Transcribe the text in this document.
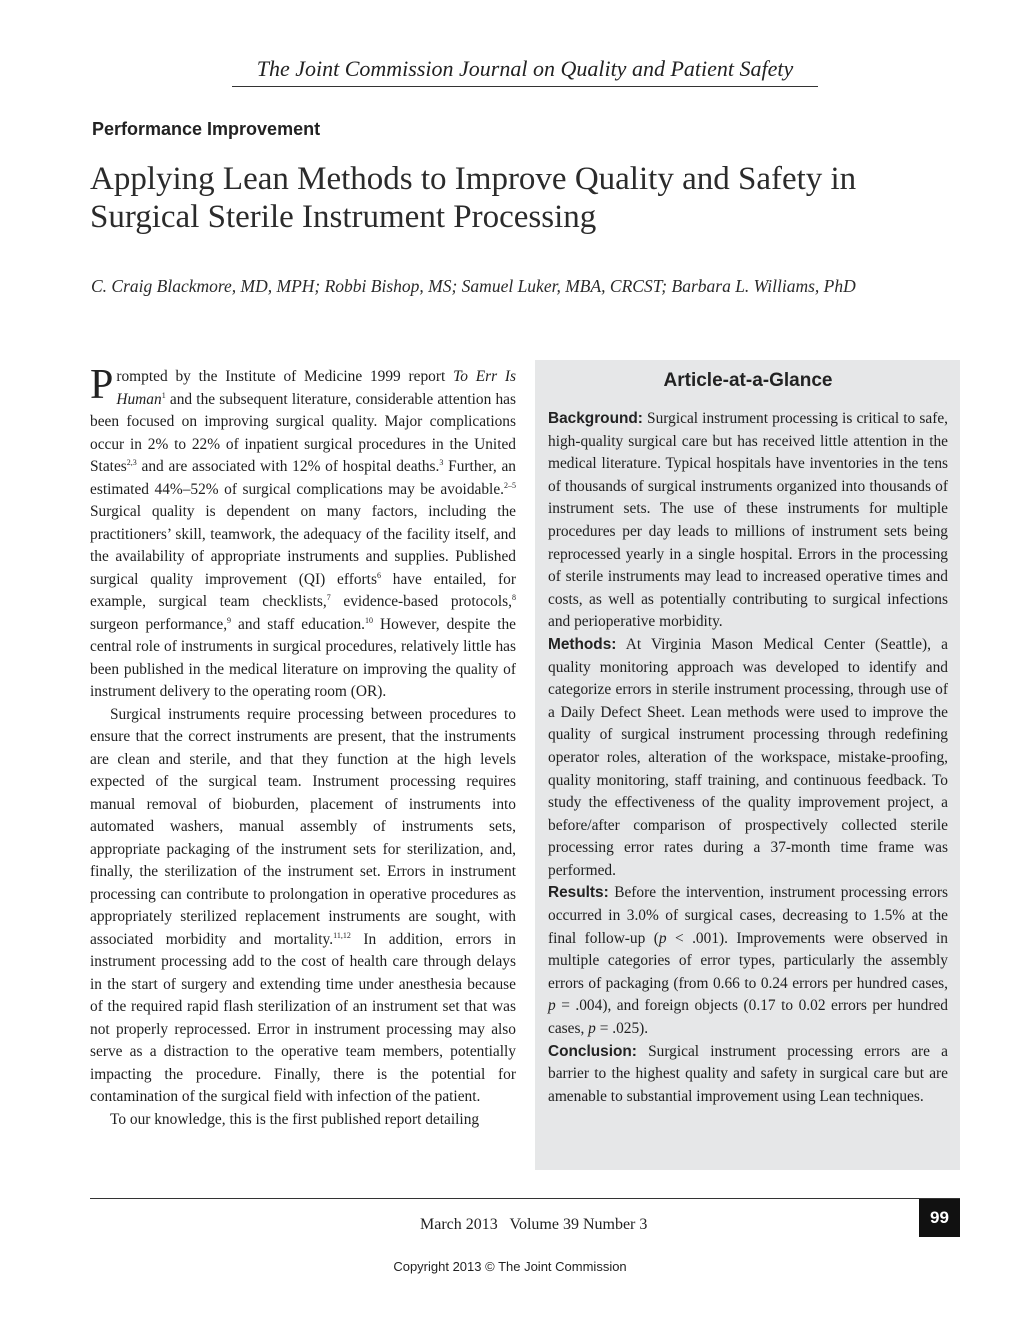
The Joint Commission Journal on Quality and Patient Safety
Performance Improvement
Applying Lean Methods to Improve Quality and Safety in Surgical Sterile Instrument Processing
C. Craig Blackmore, MD, MPH; Robbi Bishop, MS; Samuel Luker, MBA, CRCST; Barbara L. Williams, PhD

P rompted by the Institute of Medicine 1999 report To Err Is Human$^1$ and the subsequent literature, considerable attention has been focused on improving surgical quality. Major complications occur in 2% to 22% of inpatient surgical procedures in the United States$^{2,3}$ and are associated with 12% of hospital deaths.$^3$ Further, an estimated 44%–52% of surgical complications may be avoidable.$^{2-5}$ Surgical quality is dependent on many factors, including the practitioners’ skill, teamwork, the adequacy of the facility itself, and the availability of appropriate instruments and supplies. Published surgical quality improvement (QI) efforts$^6$ have entailed, for example, surgical team checklists,$^7$ evidence-based protocols,$^8$ surgeon performance,$^9$ and staff education.$^{10}$ However, despite the central role of instruments in surgical procedures, relatively little has been published in the medical literature on improving the quality of instrument delivery to the operating room (OR).

Surgical instruments require processing between procedures to ensure that the correct instruments are present, that the instruments are clean and sterile, and that they function at the high levels expected of the surgical team. Instrument processing requires manual removal of bioburden, placement of instruments into automated washers, manual assembly of instruments sets, appropriate packaging of the instrument sets for sterilization, and, finally, the sterilization of the instrument set. Errors in instrument processing can contribute to prolongation in operative procedures as appropriately sterilized replacement instruments are sought, with associated morbidity and mortality.$^{11,12}$ In addition, errors in instrument processing add to the cost of health care through delays in the start of surgery and extending time under anesthesia because of the required rapid flash sterilization of an instrument set that was not properly reprocessed. Error in instrument processing may also serve as a distraction to the operative team members, potentially impacting the procedure. Finally, there is the potential for contamination of the surgical field with infection of the patient.

To our knowledge, this is the first published report detailing

Article-at-a-Glance

Background: Surgical instrument processing is critical to safe, high-quality surgical care but has received little attention in the medical literature. Typical hospitals have inventories in the tens of thousands of surgical instruments organized into thousands of instrument sets. The use of these instruments for multiple procedures per day leads to millions of instrument sets being reprocessed yearly in a single hospital. Errors in the processing of sterile instruments may lead to increased operative times and costs, as well as potentially contributing to surgical infections and perioperative morbidity.

Methods: At Virginia Mason Medical Center (Seattle), a quality monitoring approach was developed to identify and categorize errors in sterile instrument processing, through use of a Daily Defect Sheet. Lean methods were used to improve the quality of surgical instrument processing through redefining operator roles, alteration of the workspace, mistake-proofing, quality monitoring, staff training, and continuous feedback. To study the effectiveness of the quality improvement project, a before/after comparison of prospectively collected sterile processing error rates during a 37-month time frame was performed.

Results: Before the intervention, instrument processing errors occurred in 3.0% of surgical cases, decreasing to 1.5% at the final follow-up (p < .001). Improvements were observed in multiple categories of error types, particularly the assembly errors of packaging (from 0.66 to 0.24 errors per hundred cases, p = .004), and foreign objects (0.17 to 0.02 errors per hundred cases, p = .025).

Conclusion: Surgical instrument processing errors are a barrier to the highest quality and safety in surgical care but are amenable to substantial improvement using Lean techniques.

March 2013   Volume 39 Number 3	99
Copyright 2013 © The Joint Commission
